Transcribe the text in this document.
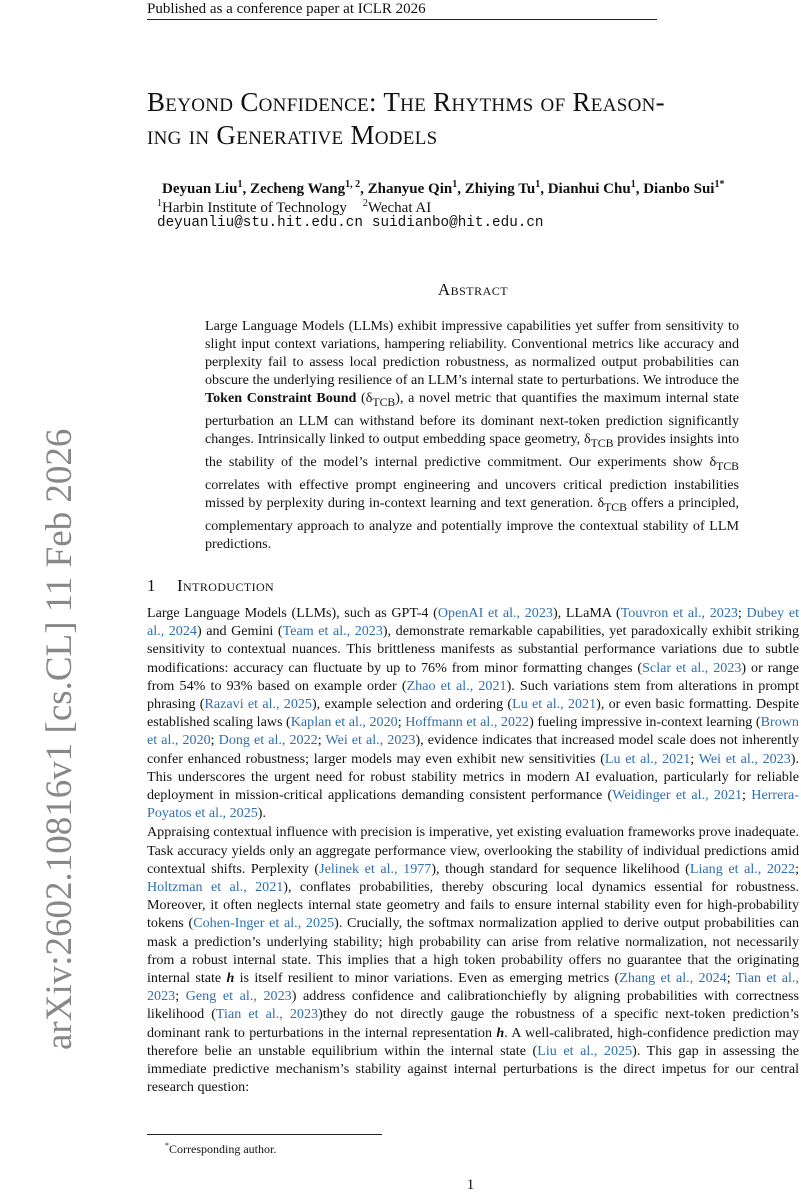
Published as a conference paper at ICLR 2026
arXiv:2602.10816v1 [cs.CL] 11 Feb 2026
Beyond Confidence: The Rhythms of Reason-
ing in Generative Models
Deyuan Liu$^1$, Zecheng Wang$^{1, 2}$, Zhanyue Qin$^1$, Zhiying Tu$^1$, Dianhui Chu$^1$, Dianbo Sui$^{1*}$
$^1$Harbin Institute of Technology $^2$Wechat AI
deyuanliu@stu.hit.edu.cn suidianbo@hit.edu.cn
Abstract
Large Language Models (LLMs) exhibit impressive capabilities yet suffer from sensitivity to slight input context variations, hampering reliability. Conventional metrics like accuracy and perplexity fail to assess local prediction robustness, as normalized output probabilities can obscure the underlying resilience of an LLM’s internal state to perturbations. We introduce the Token Constraint Bound $(\delta_{TCB})$, a novel metric that quantifies the maximum internal state perturbation an LLM can withstand before its dominant next-token prediction significantly changes. Intrinsically linked to output embedding space geometry, $\delta_{TCB}$ provides insights into the stability of the model’s internal predictive commitment. Our experiments show $\delta_{TCB}$ correlates with effective prompt engineering and uncovers critical prediction instabilities missed by perplexity during in-context learning and text generation. $\delta_{TCB}$ offers a principled, complementary approach to analyze and potentially improve the contextual stability of LLM predictions.
1 Introduction

Large Language Models (LLMs), such as GPT-4 (OpenAI et al., 2023), LLaMA (Touvron et al., 2023; Dubey et al., 2024) and Gemini (Team et al., 2023), demonstrate remarkable capabilities, yet paradoxically exhibit striking sensitivity to contextual nuances. This brittleness manifests as substantial performance variations due to subtle modifications: accuracy can fluctuate by up to 76% from minor formatting changes (Sclar et al., 2023) or range from 54% to 93% based on example order (Zhao et al., 2021). Such variations stem from alterations in prompt phrasing (Razavi et al., 2025), example selection and ordering (Lu et al., 2021), or even basic formatting. Despite established scaling laws (Kaplan et al., 2020; Hoffmann et al., 2022) fueling impressive in-context learning (Brown et al., 2020; Dong et al., 2022; Wei et al., 2023), evidence indicates that increased model scale does not inherently confer enhanced robustness; larger models may even exhibit new sensitivities (Lu et al., 2021; Wei et al., 2023). This underscores the urgent need for robust stability metrics in modern AI evaluation, particularly for reliable deployment in mission-critical applications demanding consistent performance (Weidinger et al., 2021; Herrera-Poyatos et al., 2025).

Appraising contextual influence with precision is imperative, yet existing evaluation frameworks prove inadequate. Task accuracy yields only an aggregate performance view, overlooking the stability of individual predictions amid contextual shifts. Perplexity (Jelinek et al., 1977), though standard for sequence likelihood (Liang et al., 2022; Holtzman et al., 2021), conflates probabilities, thereby obscuring local dynamics essential for robustness. Moreover, it often neglects internal state geometry and fails to ensure internal stability even for high-probability tokens (Cohen-Inger et al., 2025). Crucially, the softmax normalization applied to derive output probabilities can mask a prediction’s underlying stability; high probability can arise from relative normalization, not necessarily from a robust internal state. This implies that a high token probability offers no guarantee that the originating internal state h is itself resilient to minor variations. Even as emerging metrics (Zhang et al., 2024; Tian et al., 2023; Geng et al., 2023) address confidence and calibrationchiefly by aligning probabilities with correctness likelihood (Tian et al., 2023)they do not directly gauge the robustness of a specific next-token prediction’s dominant rank to perturbations in the internal representation h. A well-calibrated, high-confidence prediction may therefore belie an unstable equilibrium within the internal state (Liu et al., 2025). This gap in assessing the immediate predictive mechanism’s stability against internal perturbations is the direct impetus for our central research question:

*Corresponding author.
1
